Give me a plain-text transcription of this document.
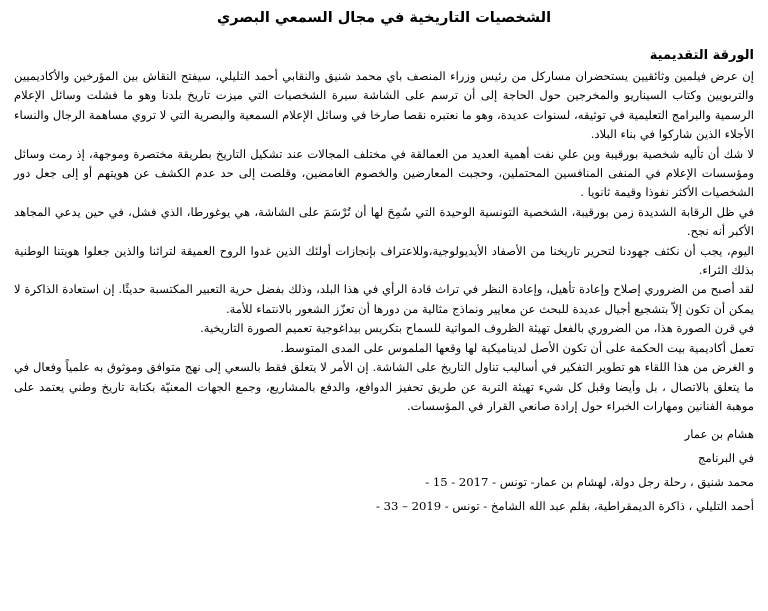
الشخصيات التاريخية في مجال السمعي البصري
الورقة التقديمية

إن عرض فيلمين وثائقيين يستحضران مساركل من رئيس وزراء المنصف باي محمد شنيق والنقابي أحمد التليلي، سيفتح النقاش بين المؤرخين والأكاديميين والتربويين وكتاب السيناريو والمخرجين حول الحاجة إلى أن ترسم على الشاشة سيرة الشخصيات التي ميزت تاريخ بلدنا وهو ما فشلت وسائل الإعلام الرسمية والبرامج التعليمية في توثيقه، لسنوات عديدة، وهو ما نعتبره نقصا صارخا في وسائل الإعلام السمعية والبصرية التي لا تروي مساهمة الرجال والنساء الأجلاء الذين شاركوا في بناء البلاد.

لا شك أن تأليه شخصية بورقيبة وبن علي نفت أهمية العديد من العمالقة في مختلف المجالات عند تشكيل التاريخ بطريقة مختصرة وموجهة، إذ رمت وسائل ومؤسسات الإعلام في المنفى المنافسين المحتملين، وحجبت المعارضين والخصوم الغامضين، وقلصت إلى حد عدم الكشف عن هويتهم أو إلى جعل دور الشخصيات الأكثر نفوذا وقيمة ثانويا .

في ظل الرقابة الشديدة زمن بورقيبة، الشخصية التونسية الوحيدة التي سُمِحَ لها أن تُرْسَمَ على الشاشة، هي يوغورطا، الذي فشل، في حين يدعي المجاهد الأكبر أنه نجح.

اليوم، يجب أن نكثف جهودنا لتحرير تاريخنا من الأصفاد الأيديولوجية،وللاعتراف بإنجازات أولئك الذين غدوا الروح العميقة لتراثنا والذين جعلوا هويتنا الوطنية بذلك الثراء.

لقد أصبح من الضروري إصلاح وإعادة تأهيل، وإعادة النظر في تراث قادة الرأي في هذا البلد، وذلك بفضل حرية التعبير المكتسبة حديثًا. إن استعادة الذاكرة لا يمكن أن تكون إلاّ بتشجيع أجيال عديدة للبحث عن معايير ونماذج مثالية من دورها أن تعزّز الشعور بالانتماء للأمة.

في قرن الصورة هذا، من الضروري بالفعل تهيئة الظروف المواتية للسماح بتكريس بيداغوجية تعميم الصورة التاريخية.

تعمل أكاديمية بيت الحكمة على أن تكون الأصل لديناميكية لها وقعها الملموس على المدى المتوسط.

و الغرض من هذا اللقاء هو تطوير التفكير في أساليب تناول التاريخ على الشاشة. إن الأمر لا يتعلق فقط بالسعي إلى نهج متوافق وموثوق به علمياً وفعال في ما يتعلق بالاتصال ، بل وأيضا وقبل كل شيء تهيئة التربة عن طريق تحفيز الدوافع، والدفع بالمشاريع، وجمع الجهات المعنيّة بكتابة تاريخ وطني يعتمد على موهبة الفنانين ومهارات الخبراء حول إرادة صانعي القرار في المؤسسات.

هشام بن عمار
في البرنامج
محمد شنيق ، رحلة رجل دولة، لهشام بن عمار- تونس - 2017 - 15 -
أحمد التليلي ، ذاكرة الديمقراطية، بقلم عبد الله الشامخ - تونس - 2019 – 33 -
